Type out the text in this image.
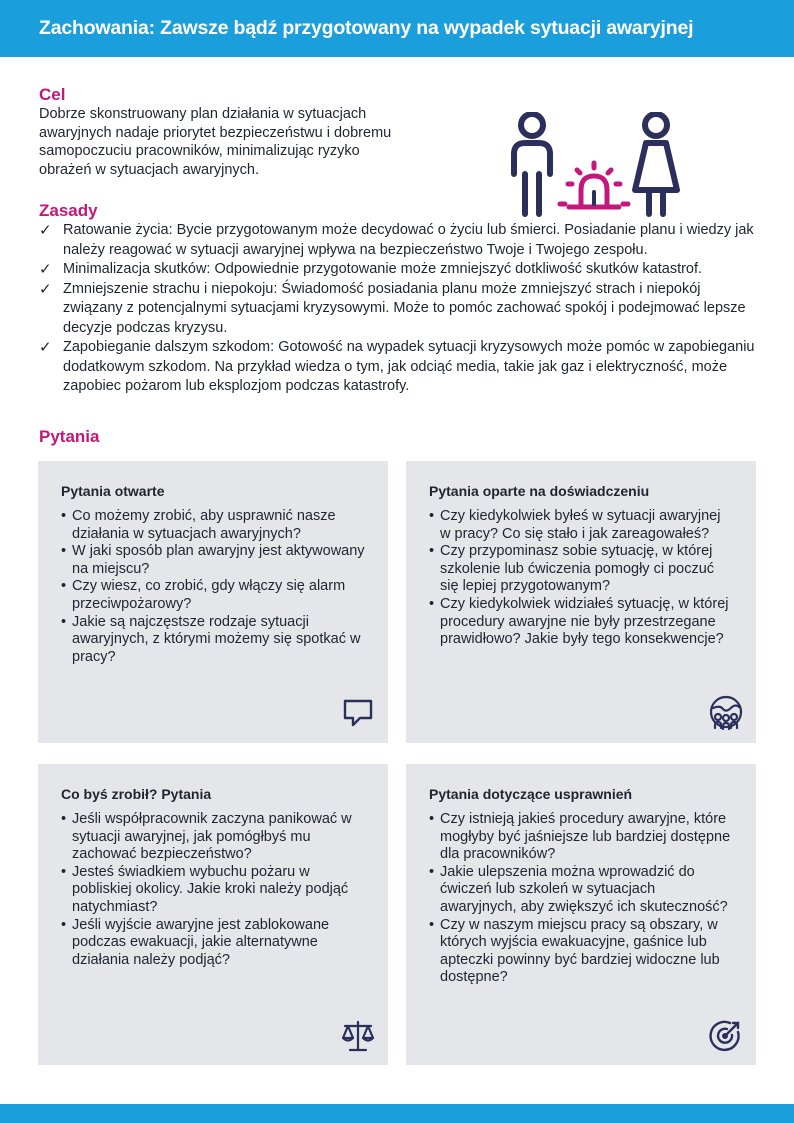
Zachowania: Zawsze bądź przygotowany na wypadek sytuacji awaryjnej
Cel

Dobrze skonstruowany plan działania w sytuacjach awaryjnych nadaje priorytet bezpieczeństwu i dobremu samopoczuciu pracowników, minimalizując ryzyko obrażeń w sytuacjach awaryjnych.

Zasady
✓ Ratowanie życia: Bycie przygotowanym może decydować o życiu lub śmierci. Posiadanie planu i wiedzy jak należy reagować w sytuacji awaryjnej wpływa na bezpieczeństwo Twoje i Twojego zespołu.
✓ Minimalizacja skutków: Odpowiednie przygotowanie może zmniejszyć dotkliwość skutków katastrof.
✓ Zmniejszenie strachu i niepokoju: Świadomość posiadania planu może zmniejszyć strach i niepokój związany z potencjalnymi sytuacjami kryzysowymi. Może to pomóc zachować spokój i podejmować lepsze decyzje podczas kryzysu.
✓ Zapobieganie dalszym szkodom: Gotowość na wypadek sytuacji kryzysowych może pomóc w zapobieganiu dodatkowym szkodom. Na przykład wiedza o tym, jak odciąć media, takie jak gaz i elektryczność, może zapobiec pożarom lub eksplozjom podczas katastrofy.
Pytania
Pytania otwarte
• Co możemy zrobić, aby usprawnić nasze działania w sytuacjach awaryjnych?
• W jaki sposób plan awaryjny jest aktywowany na miejscu?
• Czy wiesz, co zrobić, gdy włączy się alarm przeciwpożarowy?
• Jakie są najczęstsze rodzaje sytuacji awaryjnych, z którymi możemy się spotkać w pracy?
Pytania oparte na doświadczeniu
• Czy kiedykolwiek byłeś w sytuacji awaryjnej w pracy? Co się stało i jak zareagowałeś?
• Czy przypominasz sobie sytuację, w której szkolenie lub ćwiczenia pomogły ci poczuć się lepiej przygotowanym?
• Czy kiedykolwiek widziałeś sytuację, w której procedury awaryjne nie były przestrzegane prawidłowo? Jakie były tego konsekwencje?
Co byś zrobił? Pytania
• Jeśli współpracownik zaczyna panikować w sytuacji awaryjnej, jak pomógłbyś mu zachować bezpieczeństwo?
• Jesteś świadkiem wybuchu pożaru w pobliskiej okolicy. Jakie kroki należy podjąć natychmiast?
• Jeśli wyjście awaryjne jest zablokowane podczas ewakuacji, jakie alternatywne działania należy podjąć?
Pytania dotyczące usprawnień
• Czy istnieją jakieś procedury awaryjne, które mogłyby być jaśniejsze lub bardziej dostępne dla pracowników?
• Jakie ulepszenia można wprowadzić do ćwiczeń lub szkoleń w sytuacjach awaryjnych, aby zwiększyć ich skuteczność?
• Czy w naszym miejscu pracy są obszary, w których wyjścia ewakuacyjne, gaśnice lub apteczki powinny być bardziej widoczne lub dostępne?
